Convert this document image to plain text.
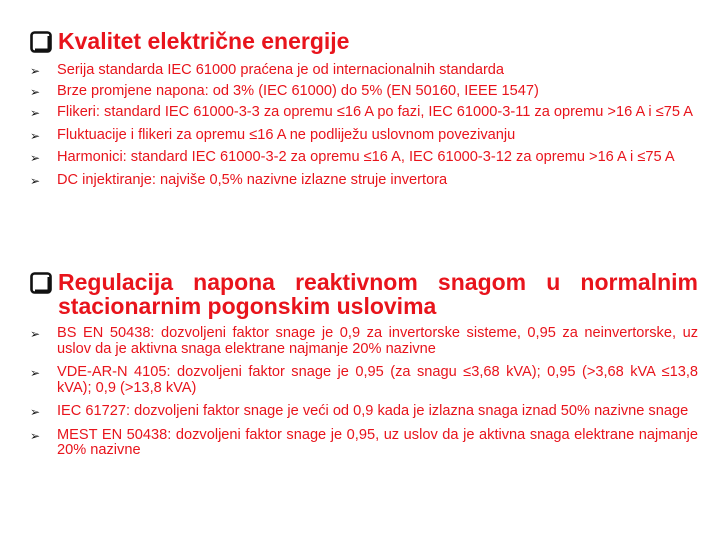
Kvalitet električne energije
➢ Serija standarda IEC 61000 praćena je od internacionalnih standarda
➢ Brze promjene napona: od 3% (IEC 61000) do 5% (EN 50160, IEEE 1547)
➢ Flikeri: standard IEC 61000-3-3 za opremu ≤16 A po fazi, IEC 61000-3-11 za opremu >16 A i ≤75 A
➢ Fluktuacije i flikeri za opremu ≤16 A ne podliježu uslovnom povezivanju
➢ Harmonici: standard IEC 61000-3-2 za opremu ≤16 A, IEC 61000-3-12 za opremu >16 A i ≤75 A
➢ DC injektiranje: najviše 0,5% nazivne izlazne struje invertora
Regulacija napona reaktivnom snagom u normalnim stacionarnim pogonskim uslovima
➢ BS EN 50438: dozvoljeni faktor snage je 0,9 za invertorske sisteme, 0,95 za neinvertorske, uz uslov da je aktivna snaga elektrane najmanje 20% nazivne
➢ VDE-AR-N 4105: dozvoljeni faktor snage je 0,95 (za snagu ≤3,68 kVA); 0,95 (>3,68 kVA ≤13,8 kVA); 0,9 (>13,8 kVA)
➢ IEC 61727: dozvoljeni faktor snage je veći od 0,9 kada je izlazna snaga iznad 50% nazivne snage
➢ MEST EN 50438: dozvoljeni faktor snage je 0,95, uz uslov da je aktivna snaga elektrane najmanje 20% nazivne
